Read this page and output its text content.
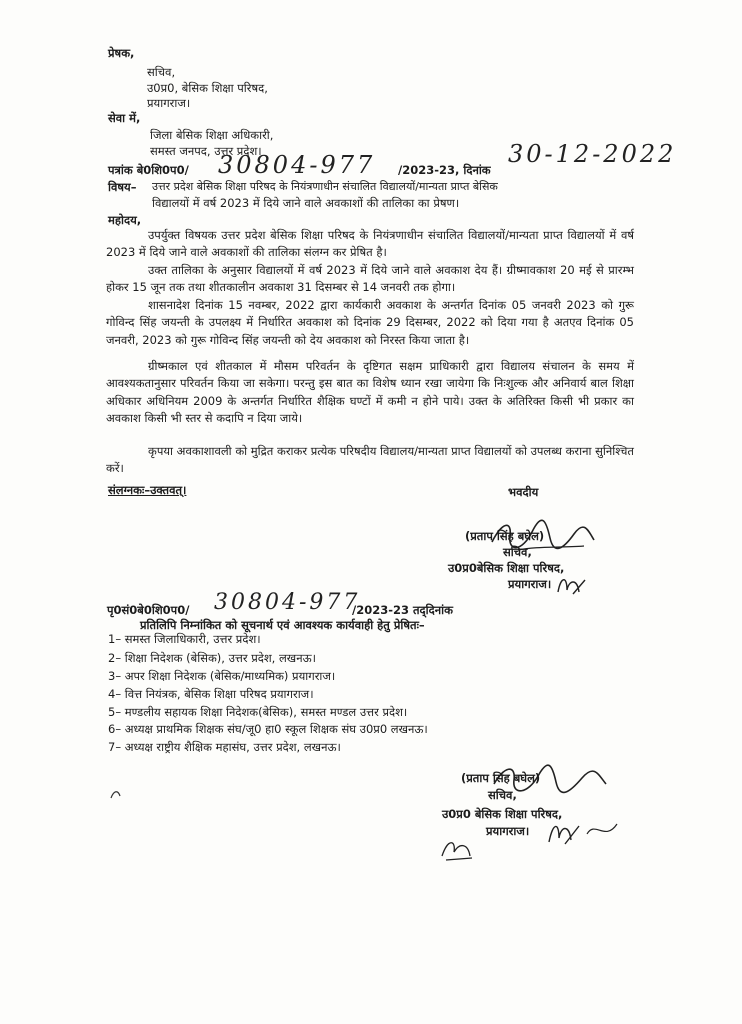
प्रेषक,
सचिव,
उ0प्र0, बेसिक शिक्षा परिषद,
प्रयागराज।
सेवा में,
जिला बेसिक शिक्षा अधिकारी,
समस्त जनपद, उत्तर प्रदेश।
पत्रांक बे0शि0प0/ 30804-977 /2023-23, दिनांक
30-12-2022
विषय– उत्तर प्रदेश बेसिक शिक्षा परिषद के नियंत्रणाधीन संचालित विद्यालयों/मान्यता प्राप्त बेसिक
विद्यालयों में वर्ष 2023 में दिये जाने वाले अवकाशों की तालिका का प्रेषण।
महोदय,
उपर्युक्त विषयक उत्तर प्रदेश बेसिक शिक्षा परिषद के नियंत्रणाधीन संचालित विद्यालयों/मान्यता प्राप्त विद्यालयों में वर्ष 2023 में दिये जाने वाले अवकाशों की तालिका संलग्न कर प्रेषित है।
उक्त तालिका के अनुसार विद्यालयों में वर्ष 2023 में दिये जाने वाले अवकाश देय हैं। ग्रीष्मावकाश 20 मई से प्रारम्भ होकर 15 जून तक तथा शीतकालीन अवकाश 31 दिसम्बर से 14 जनवरी तक होगा।
शासनादेश दिनांक 15 नवम्बर, 2022 द्वारा कार्यकारी अवकाश के अन्तर्गत दिनांक 05 जनवरी 2023 को गुरू गोविन्द सिंह जयन्ती के उपलक्ष्य में निर्धारित अवकाश को दिनांक 29 दिसम्बर, 2022 को दिया गया है अतएव दिनांक 05 जनवरी, 2023 को गुरू गोविन्द सिंह जयन्ती को देय अवकाश को निरस्त किया जाता है।
ग्रीष्मकाल एवं शीतकाल में मौसम परिवर्तन के दृष्टिगत सक्षम प्राधिकारी द्वारा विद्यालय संचालन के समय में आवश्यकतानुसार परिवर्तन किया जा सकेगा। परन्तु इस बात का विशेष ध्यान रखा जायेगा कि निःशुल्क और अनिवार्य बाल शिक्षा अधिकार अधिनियम 2009 के अन्तर्गत निर्धारित शैक्षिक घण्टों में कमी न होने पाये। उक्त के अतिरिक्त किसी भी प्रकार का अवकाश किसी भी स्तर से कदापि न दिया जाये।
कृपया अवकाशावली को मुद्रित कराकर प्रत्येक परिषदीय विद्यालय/मान्यता प्राप्त विद्यालयों को उपलब्ध कराना सुनिश्चित करें।
संलग्नकः–उक्तवत्।	भवदीय
(प्रताप सिंह बघेल)
सचिव,
उ0प्र0बेसिक शिक्षा परिषद,
प्रयागराज।
पृ0सं0बे0शि0प0/ 30804-977
/2023-23 तद्‌दिनांक
प्रतिलिपि निम्नांकित को सूचनार्थ एवं आवश्यक कार्यवाही हेतु प्रेषितः–
1– समस्त जिलाधिकारी, उत्तर प्रदेश।
2– शिक्षा निदेशक (बेसिक), उत्तर प्रदेश, लखनऊ।
3– अपर शिक्षा निदेशक (बेसिक/माध्यमिक) प्रयागराज।
4– वित्त नियंत्रक, बेसिक शिक्षा परिषद प्रयागराज।
5– मण्डलीय सहायक शिक्षा निदेशक(बेसिक), समस्त मण्डल उत्तर प्रदेश।
6– अध्यक्ष प्राथमिक शिक्षक संघ/जू0 हा0 स्कूल शिक्षक संघ उ0प्र0 लखनऊ।
7– अध्यक्ष राष्ट्रीय शैक्षिक महासंघ, उत्तर प्रदेश, लखनऊ।
(प्रताप सिंह बघेल)
सचिव,
उ0प्र0 बेसिक शिक्षा परिषद,
प्रयागराज।
